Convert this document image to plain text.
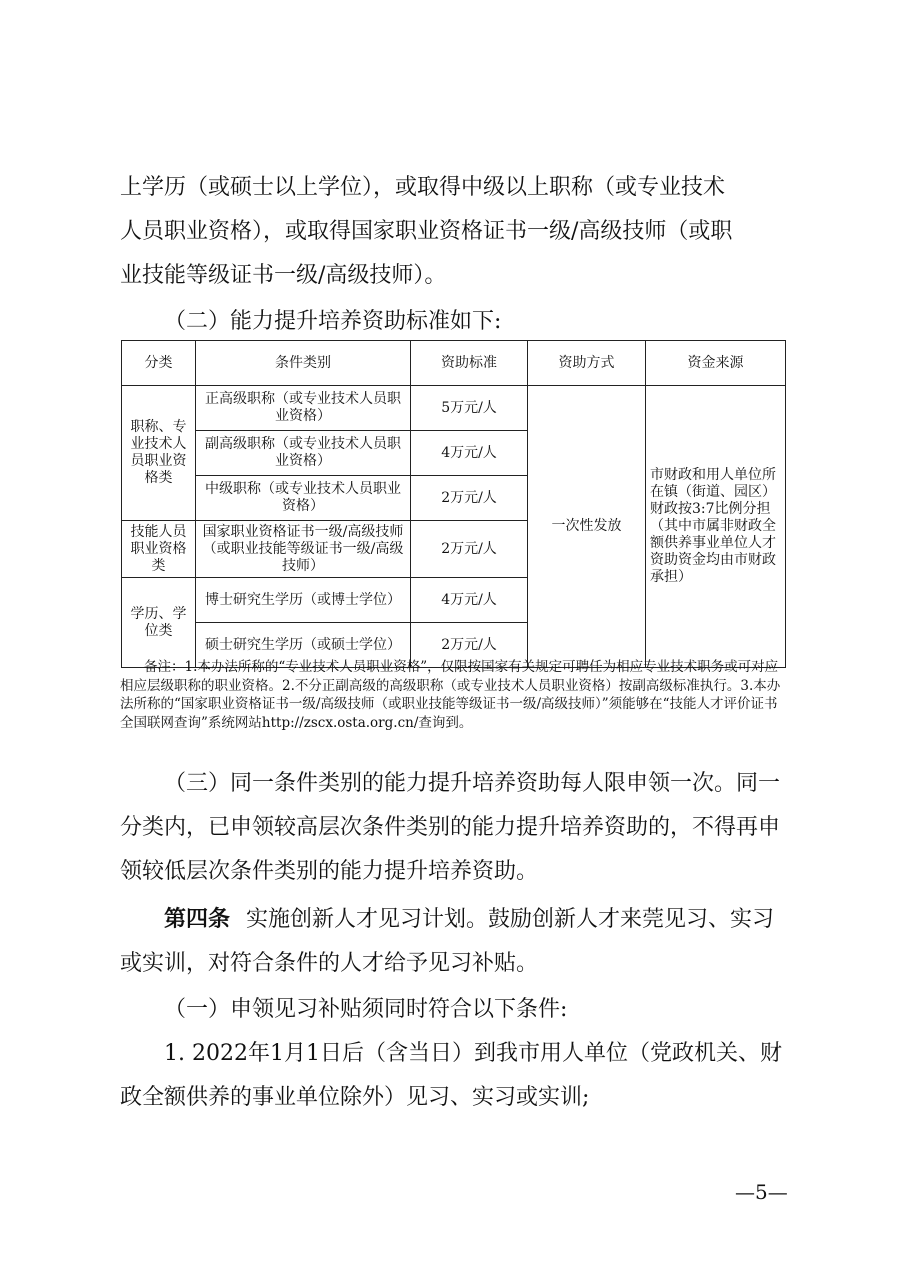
上学历（或硕士以上学位），或取得中级以上职称（或专业技术

人员职业资格），或取得国家职业资格证书一级/高级技师（或职

业技能等级证书一级/高级技师）。

（二）能力提升培养资助标准如下:

分类	条件类别	资助标准	资助方式	资金来源
职称、专业技术人员职业资格类	正高级职称（或专业技术人员职业资格）	5万元/人	一次性发放	市财政和用人单位所在镇（街道、园区）财政按3:7比例分担（其中市属非财政全额供养事业单位人才资助资金均由市财政承担）
	副高级职称（或专业技术人员职业资格）	4万元/人		
	中级职称（或专业技术人员职业资格）	2万元/人		
技能人员职业资格类	国家职业资格证书一级/高级技师（或职业技能等级证书一级/高级技师）	2万元/人		
学历、学位类	博士研究生学历（或博士学位）	4万元/人		
	硕士研究生学历（或硕士学位）	2万元/人		

备注：1.本办法所称的“专业技术人员职业资格”，仅限按国家有关规定可聘任为相应专业技术职务或可对应相应层级职称的职业资格。2.不分正副高级的高级职称（或专业技术人员职业资格）按副高级标准执行。3.本办法所称的“国家职业资格证书一级/高级技师（或职业技能等级证书一级/高级技师）”须能够在“技能人才评价证书全国联网查询”系统网站http://zscx.osta.org.cn/查询到。

（三）同一条件类别的能力提升培养资助每人限申领一次。同一分类内，已申领较高层次条件类别的能力提升培养资助的，不得再申领较低层次条件类别的能力提升培养资助。

第四条 实施创新人才见习计划。鼓励创新人才来莞见习、实习或实训，对符合条件的人才给予见习补贴。

（一）申领见习补贴须同时符合以下条件:

1. 2022年1月1日后（含当日）到我市用人单位（党政机关、财政全额供养的事业单位除外）见习、实习或实训;

—5—
